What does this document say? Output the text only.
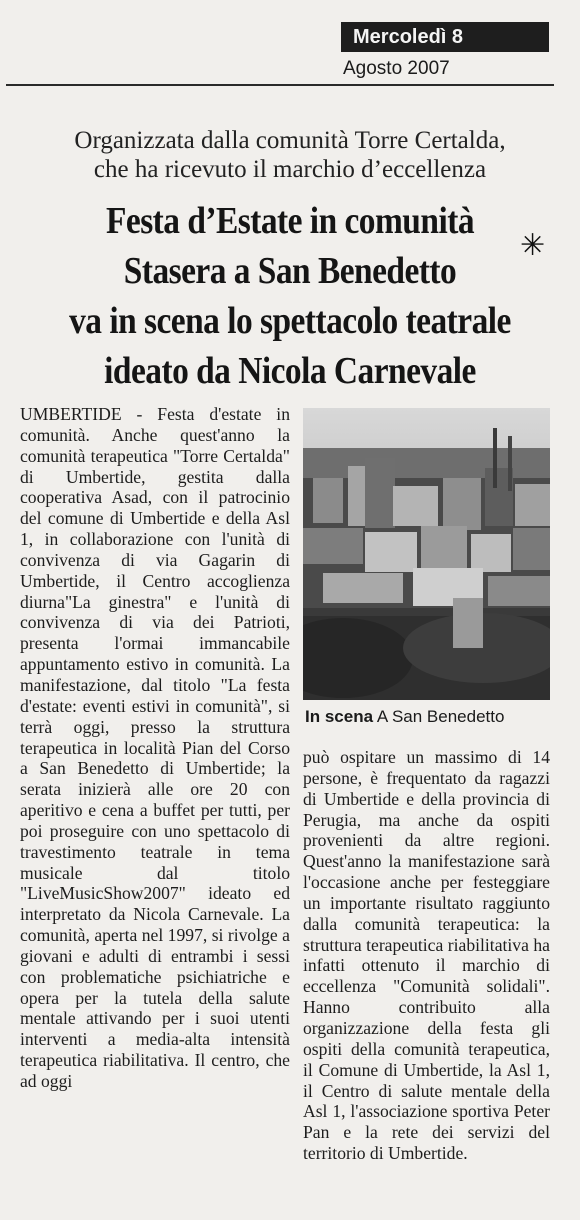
Mercoledì 8
Agosto 2007
Organizzata dalla comunità Torre Certalda,
che ha ricevuto il marchio d’eccellenza
Festa d’Estate in comunità
Stasera a San Benedetto
va in scena lo spettacolo teatrale
ideato da Nicola Carnevale
✳

UMBERTIDE - Festa d'estate in comunità. Anche quest'anno la comunità terapeutica "Torre Certalda" di Umbertide, gestita dalla cooperativa Asad, con il patrocinio del comune di Umbertide e della Asl 1, in collaborazione con l'unità di convivenza di via Gagarin di Umbertide, il Centro accoglienza diurna"La ginestra" e l'unità di convivenza di via dei Patrioti, presenta l'ormai immancabile appuntamento estivo in comunità. La manifestazione, dal titolo "La festa d'estate: eventi estivi in comunità", si terrà oggi, presso la struttura terapeutica in località Pian del Corso a San Benedetto di Umbertide; la serata inizierà alle ore 20 con aperitivo e cena a buffet per tutti, per poi proseguire con uno spettacolo di travestimento teatrale in tema musicale dal titolo "LiveMusicShow2007" ideato ed interpretato da Nicola Carnevale. La comunità, aperta nel 1997, si rivolge a giovani e adulti di entrambi i sessi con problematiche psichiatriche e opera per la tutela della salute mentale attivando per i suoi utenti interventi a media-alta intensità terapeutica riabilitativa. Il centro, che ad oggi

In scena A San Benedetto

può ospitare un massimo di 14 persone, è frequentato da ragazzi di Umbertide e della provincia di Perugia, ma anche da ospiti provenienti da altre regioni. Quest'anno la manifestazione sarà l'occasione anche per festeggiare un importante risultato raggiunto dalla comunità terapeutica: la struttura terapeutica riabilitativa ha infatti ottenuto il marchio di eccellenza "Comunità solidali". Hanno contribuito alla organizzazione della festa gli ospiti della comunità terapeutica, il Comune di Umbertide, la Asl 1, il Centro di salute mentale della Asl 1, l'associazione sportiva Peter Pan e la rete dei servizi del territorio di Umbertide.
